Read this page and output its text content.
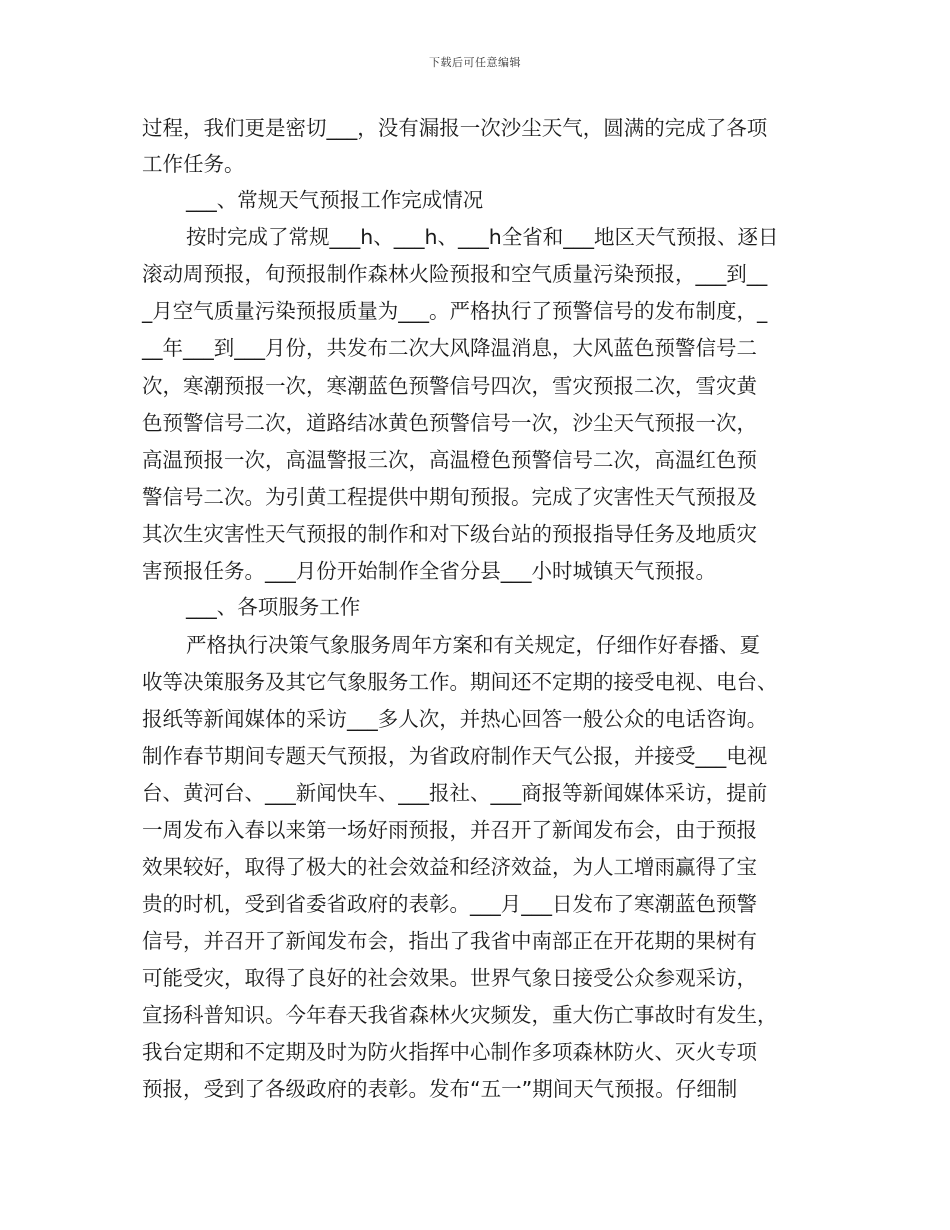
下载后可任意编辑
过程，我们更是密切___，没有漏报一次沙尘天气，圆满的完成了各项
工作任务。
___、常规天气预报工作完成情况
按时完成了常规___h、___h、___h全省和___地区天气预报、逐日
滚动周预报，旬预报制作森林火险预报和空气质量污染预报，___到__
_月空气质量污染预报质量为___。严格执行了预警信号的发布制度，_
__年___到___月份，共发布二次大风降温消息，大风蓝色预警信号二
次，寒潮预报一次，寒潮蓝色预警信号四次，雪灾预报二次，雪灾黄
色预警信号二次，道路结冰黄色预警信号一次，沙尘天气预报一次，
高温预报一次，高温警报三次，高温橙色预警信号二次，高温红色预
警信号二次。为引黄工程提供中期旬预报。完成了灾害性天气预报及
其次生灾害性天气预报的制作和对下级台站的预报指导任务及地质灾
害预报任务。___月份开始制作全省分县___小时城镇天气预报。
___、各项服务工作
严格执行决策气象服务周年方案和有关规定，仔细作好春播、夏
收等决策服务及其它气象服务工作。期间还不定期的接受电视、电台、
报纸等新闻媒体的采访___多人次，并热心回答一般公众的电话咨询。
制作春节期间专题天气预报，为省政府制作天气公报，并接受___电视
台、黄河台、___新闻快车、___报社、___商报等新闻媒体采访，提前
一周发布入春以来第一场好雨预报，并召开了新闻发布会，由于预报
效果较好，取得了极大的社会效益和经济效益，为人工增雨赢得了宝
贵的时机，受到省委省政府的表彰。___月___日发布了寒潮蓝色预警
信号，并召开了新闻发布会，指出了我省中南部正在开花期的果树有
可能受灾，取得了良好的社会效果。世界气象日接受公众参观采访，
宣扬科普知识。今年春天我省森林火灾频发，重大伤亡事故时有发生，
我台定期和不定期及时为防火指挥中心制作多项森林防火、灭火专项
预报，受到了各级政府的表彰。发布“五一”期间天气预报。仔细制
